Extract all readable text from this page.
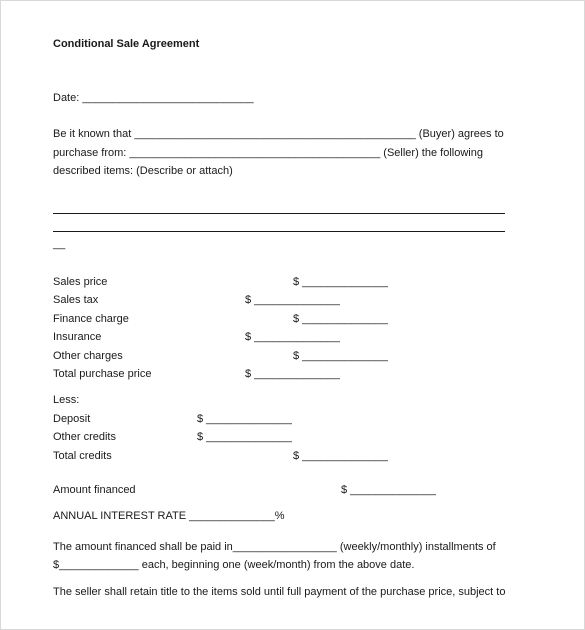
Conditional Sale Agreement
Date: ____________________________
Be it known that ______________________________________________ (Buyer) agrees to
purchase from: _________________________________________ (Seller) the following
described items: (Describe or attach)
__
Sales price	$ ______________
Sales tax	$ ______________
Finance charge	$ ______________
Insurance	$ ______________
Other charges	$ ______________
Total purchase price	$ ______________
Less:
Deposit	$ ______________
Other credits	$ ______________
Total credits	$ ______________
Amount financed	$ ______________
ANNUAL INTEREST RATE ______________%
The amount financed shall be paid in_________________ (weekly/monthly) installments of
$_____________ each, beginning one (week/month) from the above date.
The seller shall retain title to the items sold until full payment of the purchase price, subject to
